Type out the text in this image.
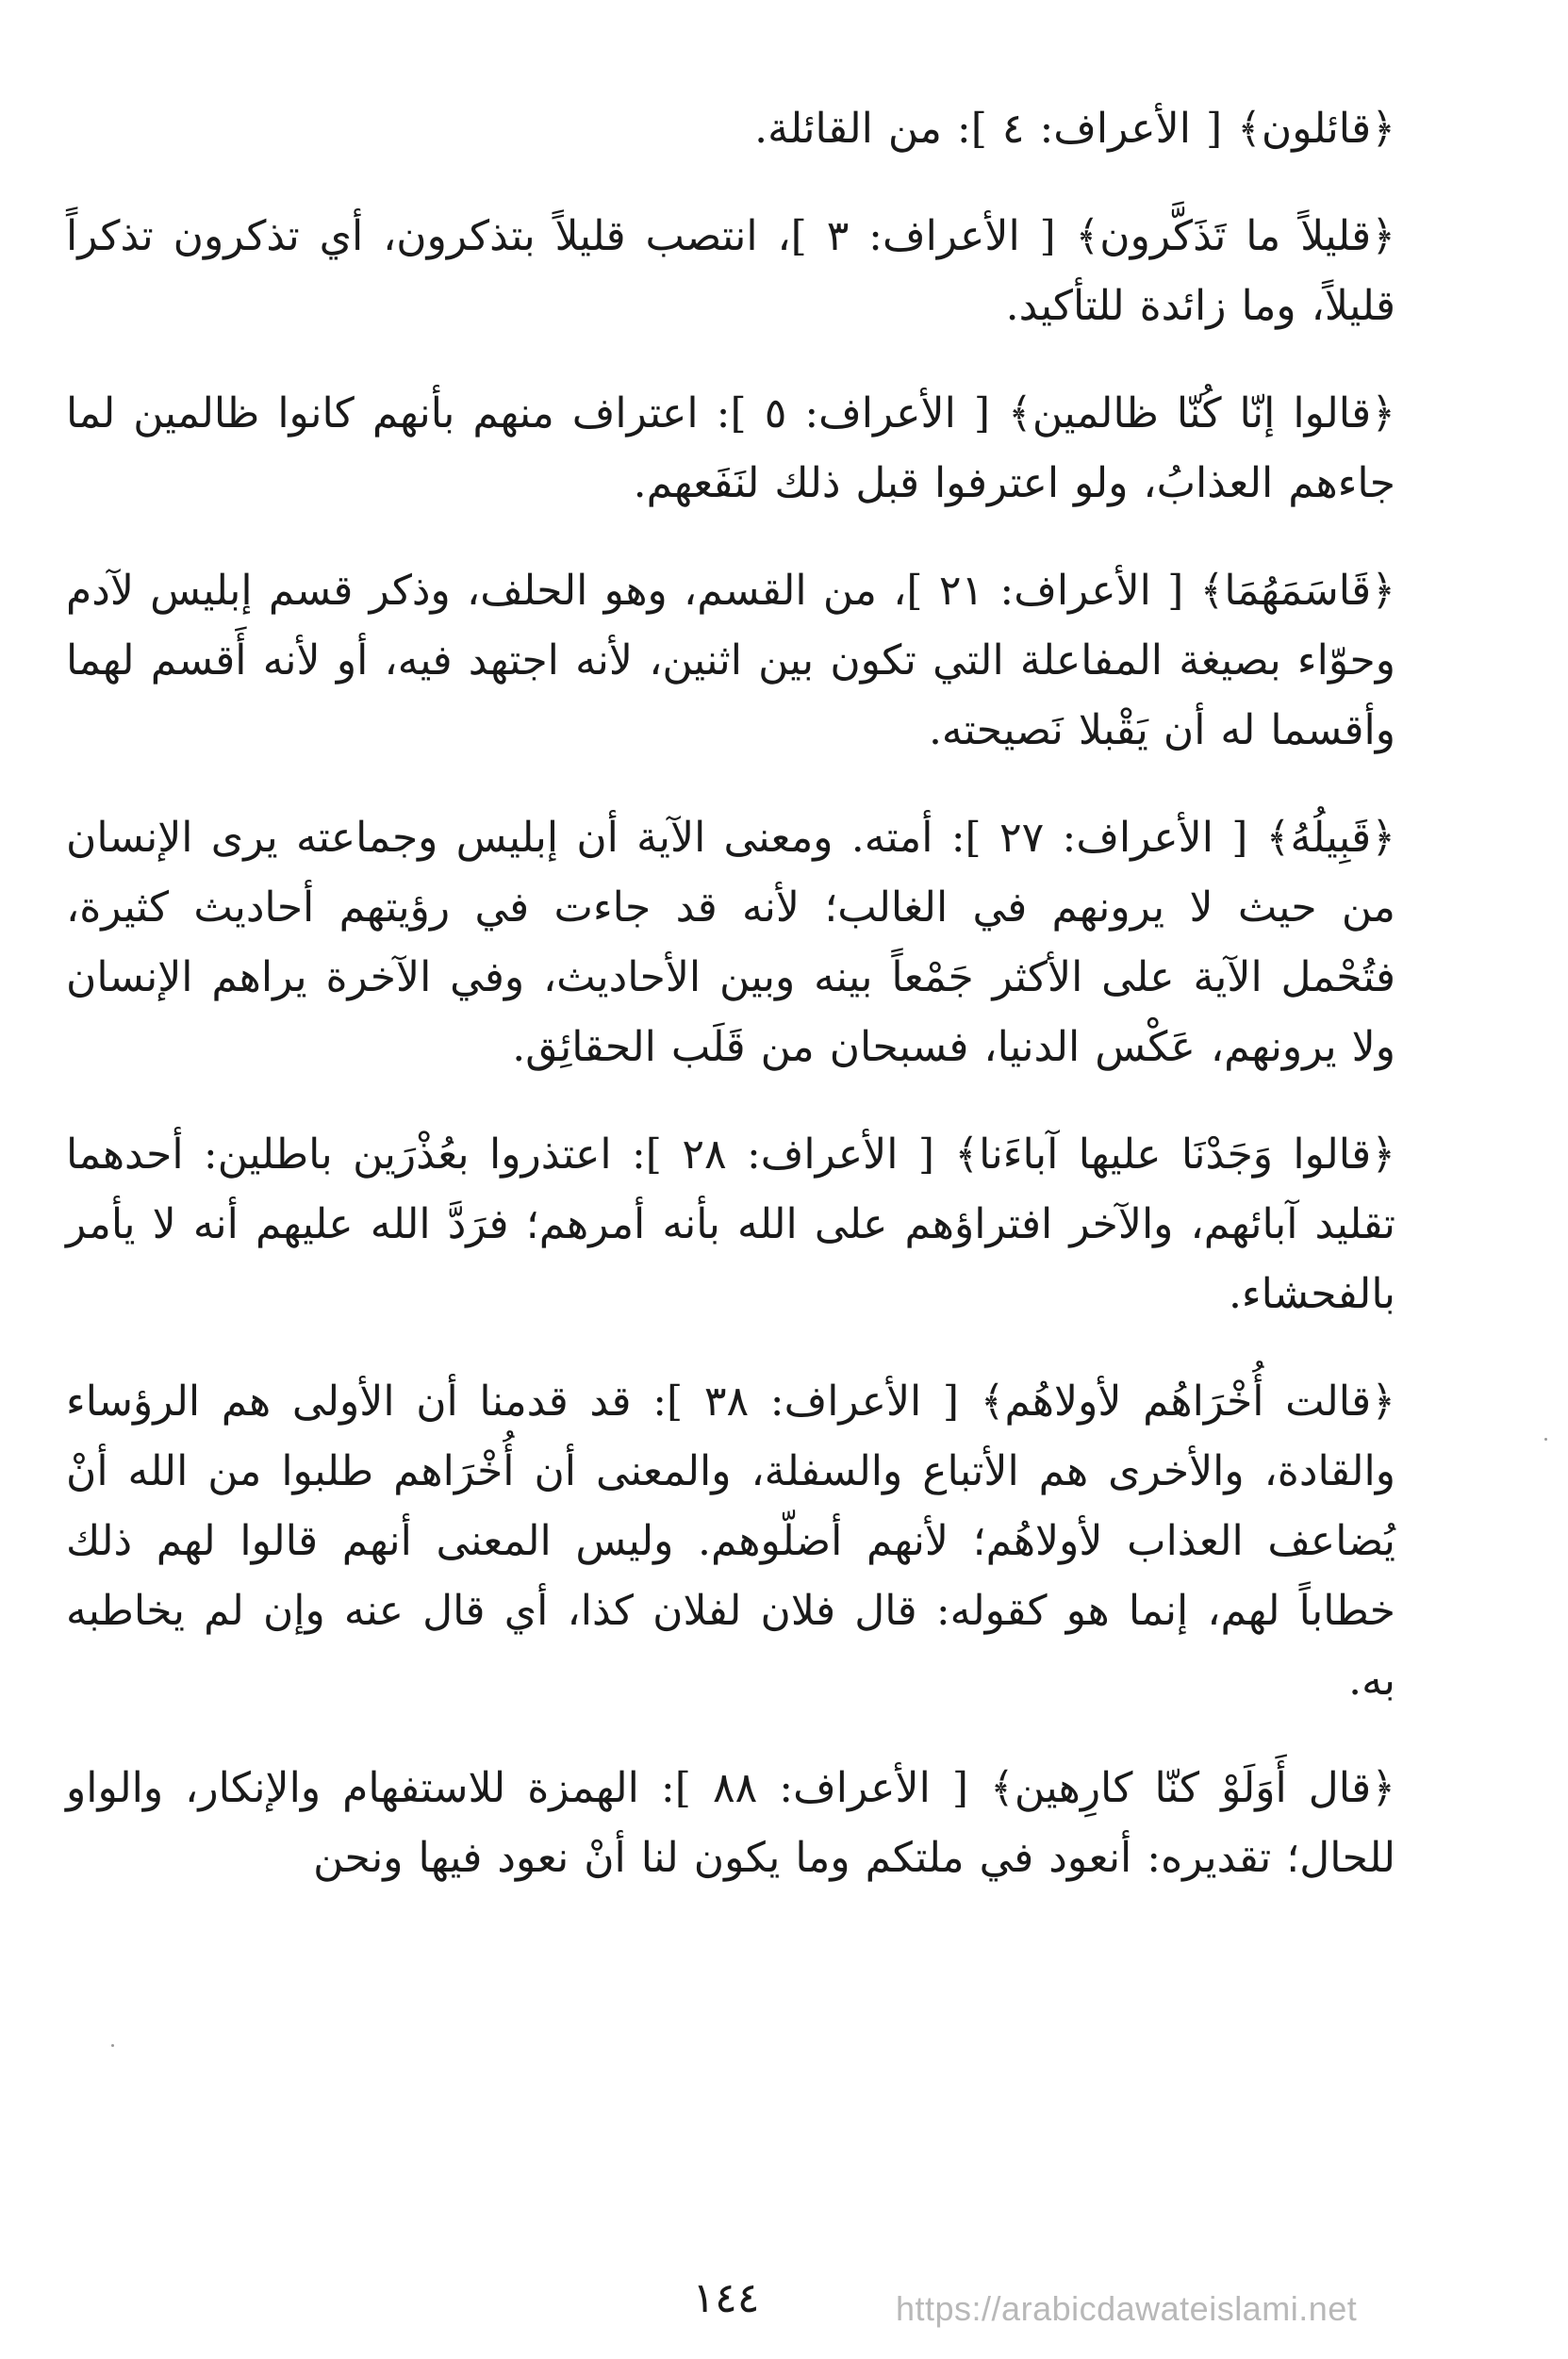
﴿قائلون﴾ [ الأعراف: ٤ ]: من القائلة.

﴿قليلاً ما تَذَكَّرون﴾ [ الأعراف: ٣ ]، انتصب قليلاً بتذكرون، أي تذكرون تذكراً قليلاً، وما زائدة للتأكيد.

﴿قالوا إنّا كُنّا ظالمين﴾ [ الأعراف: ٥ ]: اعتراف منهم بأنهم كانوا ظالمين لما جاءهم العذابُ، ولو اعترفوا قبل ذلك لنَفَعهم.

﴿قَاسَمَهُمَا﴾ [ الأعراف: ٢١ ]، من القسم، وهو الحلف، وذكر قسم إبليس لآدم وحوّاء بصيغة المفاعلة التي تكون بين اثنين، لأنه اجتهد فيه، أو لأنه أَقسم لهما وأقسما له أن يَقْبلا نَصيحته.

﴿قَبِيلُهُ﴾ [ الأعراف: ٢٧ ]: أمته. ومعنى الآية أن إبليس وجماعته يرى الإنسان من حيث لا يرونهم في الغالب؛ لأنه قد جاءت في رؤيتهم أحاديث كثيرة، فتُحْمل الآية على الأكثر جَمْعاً بينه وبين الأحاديث، وفي الآخرة يراهم الإنسان ولا يرونهم، عَكْس الدنيا، فسبحان من قَلَب الحقائِق.

﴿قالوا وَجَدْنَا عليها آباءَنا﴾ [ الأعراف: ٢٨ ]: اعتذروا بعُذْرَين باطلين: أحدهما تقليد آبائهم، والآخر افتراؤهم على الله بأنه أمرهم؛ فرَدَّ الله عليهم أنه لا يأمر بالفحشاء.

﴿قالت أُخْرَاهُم لأولاهُم﴾ [ الأعراف: ٣٨ ]: قد قدمنا أن الأولى هم الرؤساء والقادة، والأخرى هم الأتباع والسفلة، والمعنى أن أُخْرَاهم طلبوا من الله أنْ يُضاعف العذاب لأولاهُم؛ لأنهم أضلّوهم. وليس المعنى أنهم قالوا لهم ذلك خطاباً لهم، إنما هو كقوله: قال فلان لفلان كذا، أي قال عنه وإن لم يخاطبه به.

﴿قال أَوَلَوْ كنّا كارِهين﴾ [ الأعراف: ٨٨ ]: الهمزة للاستفهام والإنكار، والواو للحال؛ تقديره: أنعود في ملتكم وما يكون لنا أنْ نعود فيها ونحن

١٤٤	https://arabicdawateislami.net
